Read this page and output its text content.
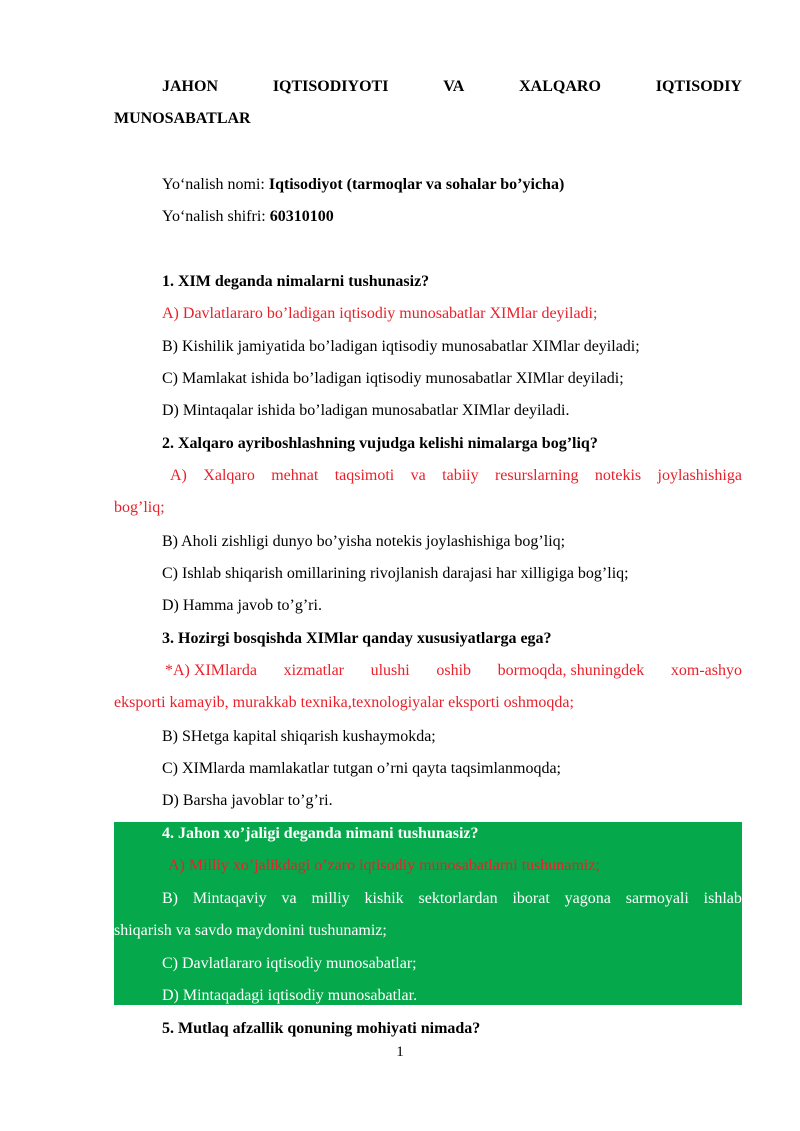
JAHON	IQTISODIYOTI	VA	XALQARO	IQTISODIY
MUNOSABATLAR
Yo‘nalish nomi: Iqtisodiyot (tarmoqlar va sohalar bo’yicha)
Yo‘nalish shifri: 60310100
1. XIM deganda nimalarni tushunasiz?
A) Davlatlararo bo’ladigan iqtisodiy munosabatlar XIMlar deyiladi;
B) Kishilik jamiyatida bo’ladigan iqtisodiy munosabatlar XIMlar deyiladi;
C) Mamlakat ishida bo’ladigan iqtisodiy munosabatlar XIMlar deyiladi;
D) Mintaqalar ishida bo’ladigan munosabatlar XIMlar deyiladi.
2. Xalqaro ayriboshlashning vujudga kelishi nimalarga bog’liq?
A) Xalqaro mehnat taqsimoti va tabiiy resurslarning notekis joylashishiga
bog’liq;
B) Aholi zishligi dunyo bo’yisha notekis joylashishiga bog’liq;
C) Ishlab shiqarish omillarining rivojlanish darajasi har xilligiga bog’liq;
D) Hamma javob to’g’ri.
3. Hozirgi bosqishda XIMlar qanday xususiyatlarga ega?
*A) XIMlarda xizmatlar ulushi oshib bormoqda, shuningdek xom-ashyo
eksporti kamayib, murakkab texnika,texnologiyalar eksporti oshmoqda;
B) SHetga kapital shiqarish kushaymokda;
C) XIMlarda mamlakatlar tutgan o’rni qayta taqsimlanmoqda;
D) Barsha javoblar to’g’ri.
4. Jahon xo’jaligi deganda nimani tushunasiz?
A) Milliy xo’jalikdagi o’zaro iqtisodiy munosabatlarni tushunamiz;
B) Mintaqaviy va milliy kishik sektorlardan iborat yagona sarmoyali ishlab
shiqarish va savdo maydonini tushunamiz;
C) Davlatlararo iqtisodiy munosabatlar;
D) Mintaqadagi iqtisodiy munosabatlar.
5. Mutlaq afzallik qonuning mohiyati nimada?
1
